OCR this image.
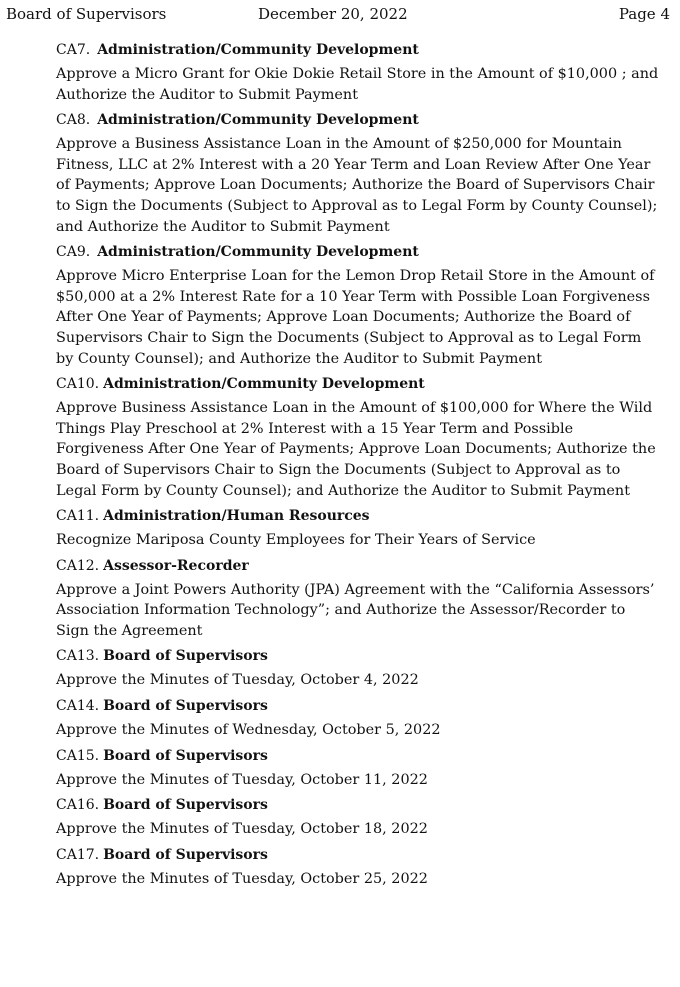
Board of Supervisors	December 20, 2022	Page 4
CA7. Administration/Community Development

Approve a Micro Grant for Okie Dokie Retail Store in the Amount of $10,000 ; and Authorize the Auditor to Submit Payment

CA8. Administration/Community Development

Approve a Business Assistance Loan in the Amount of $250,000 for Mountain Fitness, LLC at 2% Interest with a 20 Year Term and Loan Review After One Year of Payments; Approve Loan Documents; Authorize the Board of Supervisors Chair to Sign the Documents (Subject to Approval as to Legal Form by County Counsel); and Authorize the Auditor to Submit Payment

CA9. Administration/Community Development

Approve Micro Enterprise Loan for the Lemon Drop Retail Store in the Amount of $50,000 at a 2% Interest Rate for a 10 Year Term with Possible Loan Forgiveness After One Year of Payments; Approve Loan Documents; Authorize the Board of Supervisors Chair to Sign the Documents (Subject to Approval as to Legal Form by County Counsel); and Authorize the Auditor to Submit Payment

CA10. Administration/Community Development

Approve Business Assistance Loan in the Amount of $100,000 for Where the Wild Things Play Preschool at 2% Interest with a 15 Year Term and Possible Forgiveness After One Year of Payments; Approve Loan Documents; Authorize the Board of Supervisors Chair to Sign the Documents (Subject to Approval as to Legal Form by County Counsel); and Authorize the Auditor to Submit Payment

CA11. Administration/Human Resources

Recognize Mariposa County Employees for Their Years of Service

CA12. Assessor-Recorder

Approve a Joint Powers Authority (JPA) Agreement with the “California Assessors’ Association Information Technology”; and Authorize the Assessor/Recorder to Sign the Agreement

CA13. Board of Supervisors

Approve the Minutes of Tuesday, October 4, 2022

CA14. Board of Supervisors

Approve the Minutes of Wednesday, October 5, 2022

CA15. Board of Supervisors

Approve the Minutes of Tuesday, October 11, 2022

CA16. Board of Supervisors

Approve the Minutes of Tuesday, October 18, 2022

CA17. Board of Supervisors

Approve the Minutes of Tuesday, October 25, 2022
